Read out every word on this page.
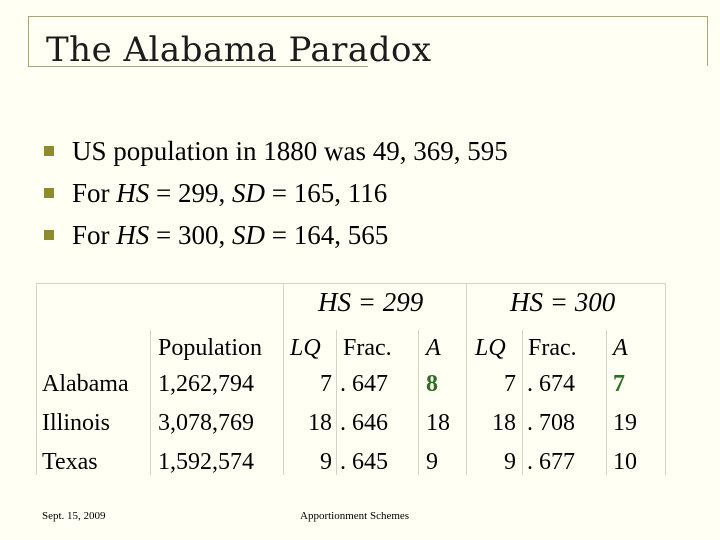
The Alabama Paradox
US population in 1880 was 49, 369, 595
For HS = 299, SD = 165, 116
For HS = 300, SD = 164, 565
HS = 299	HS = 300
Population LQ Frac. A LQ Frac. A
Alabama 1,262,794	7 . 647 8	7 . 674 7
Illinois 3,078,769	18 . 646 18	18 . 708 19
Texas	1,592,574	9 . 645 9	9 . 677 10
Sept. 15, 2009	Apportionment Schemes
